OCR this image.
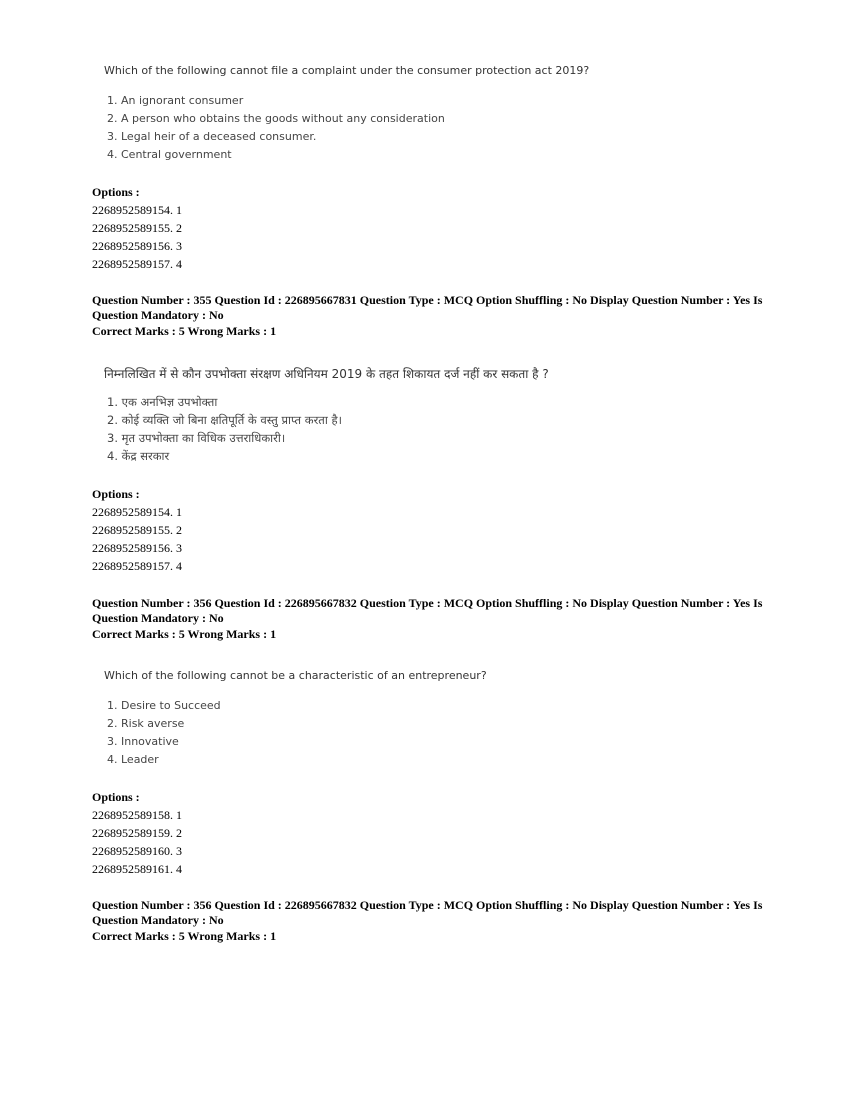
Which of the following cannot file a complaint under the consumer protection act 2019?
1. An ignorant consumer
2. A person who obtains the goods without any consideration
3. Legal heir of a deceased consumer.
4. Central government
Options :
2268952589154. 1
2268952589155. 2
2268952589156. 3
2268952589157. 4
Question Number : 355 Question Id : 226895667831 Question Type : MCQ Option Shuffling : No Display Question Number : Yes Is
Question Mandatory : No
Correct Marks : 5 Wrong Marks : 1
निम्नलिखित में से कौन उपभोक्ता संरक्षण अधिनियम 2019 के तहत शिकायत दर्ज नहीं कर सकता है ?
1. एक अनभिज्ञ उपभोक्ता
2. कोई व्यक्ति जो बिना क्षतिपूर्ति के वस्तु प्राप्त करता है।
3. मृत उपभोक्ता का विधिक उत्तराधिकारी।
4. केंद्र सरकार
Options :
2268952589154. 1
2268952589155. 2
2268952589156. 3
2268952589157. 4
Question Number : 356 Question Id : 226895667832 Question Type : MCQ Option Shuffling : No Display Question Number : Yes Is
Question Mandatory : No
Correct Marks : 5 Wrong Marks : 1
Which of the following cannot be a characteristic of an entrepreneur?
1. Desire to Succeed
2. Risk averse
3. Innovative
4. Leader
Options :
2268952589158. 1
2268952589159. 2
2268952589160. 3
2268952589161. 4
Question Number : 356 Question Id : 226895667832 Question Type : MCQ Option Shuffling : No Display Question Number : Yes Is
Question Mandatory : No
Correct Marks : 5 Wrong Marks : 1
